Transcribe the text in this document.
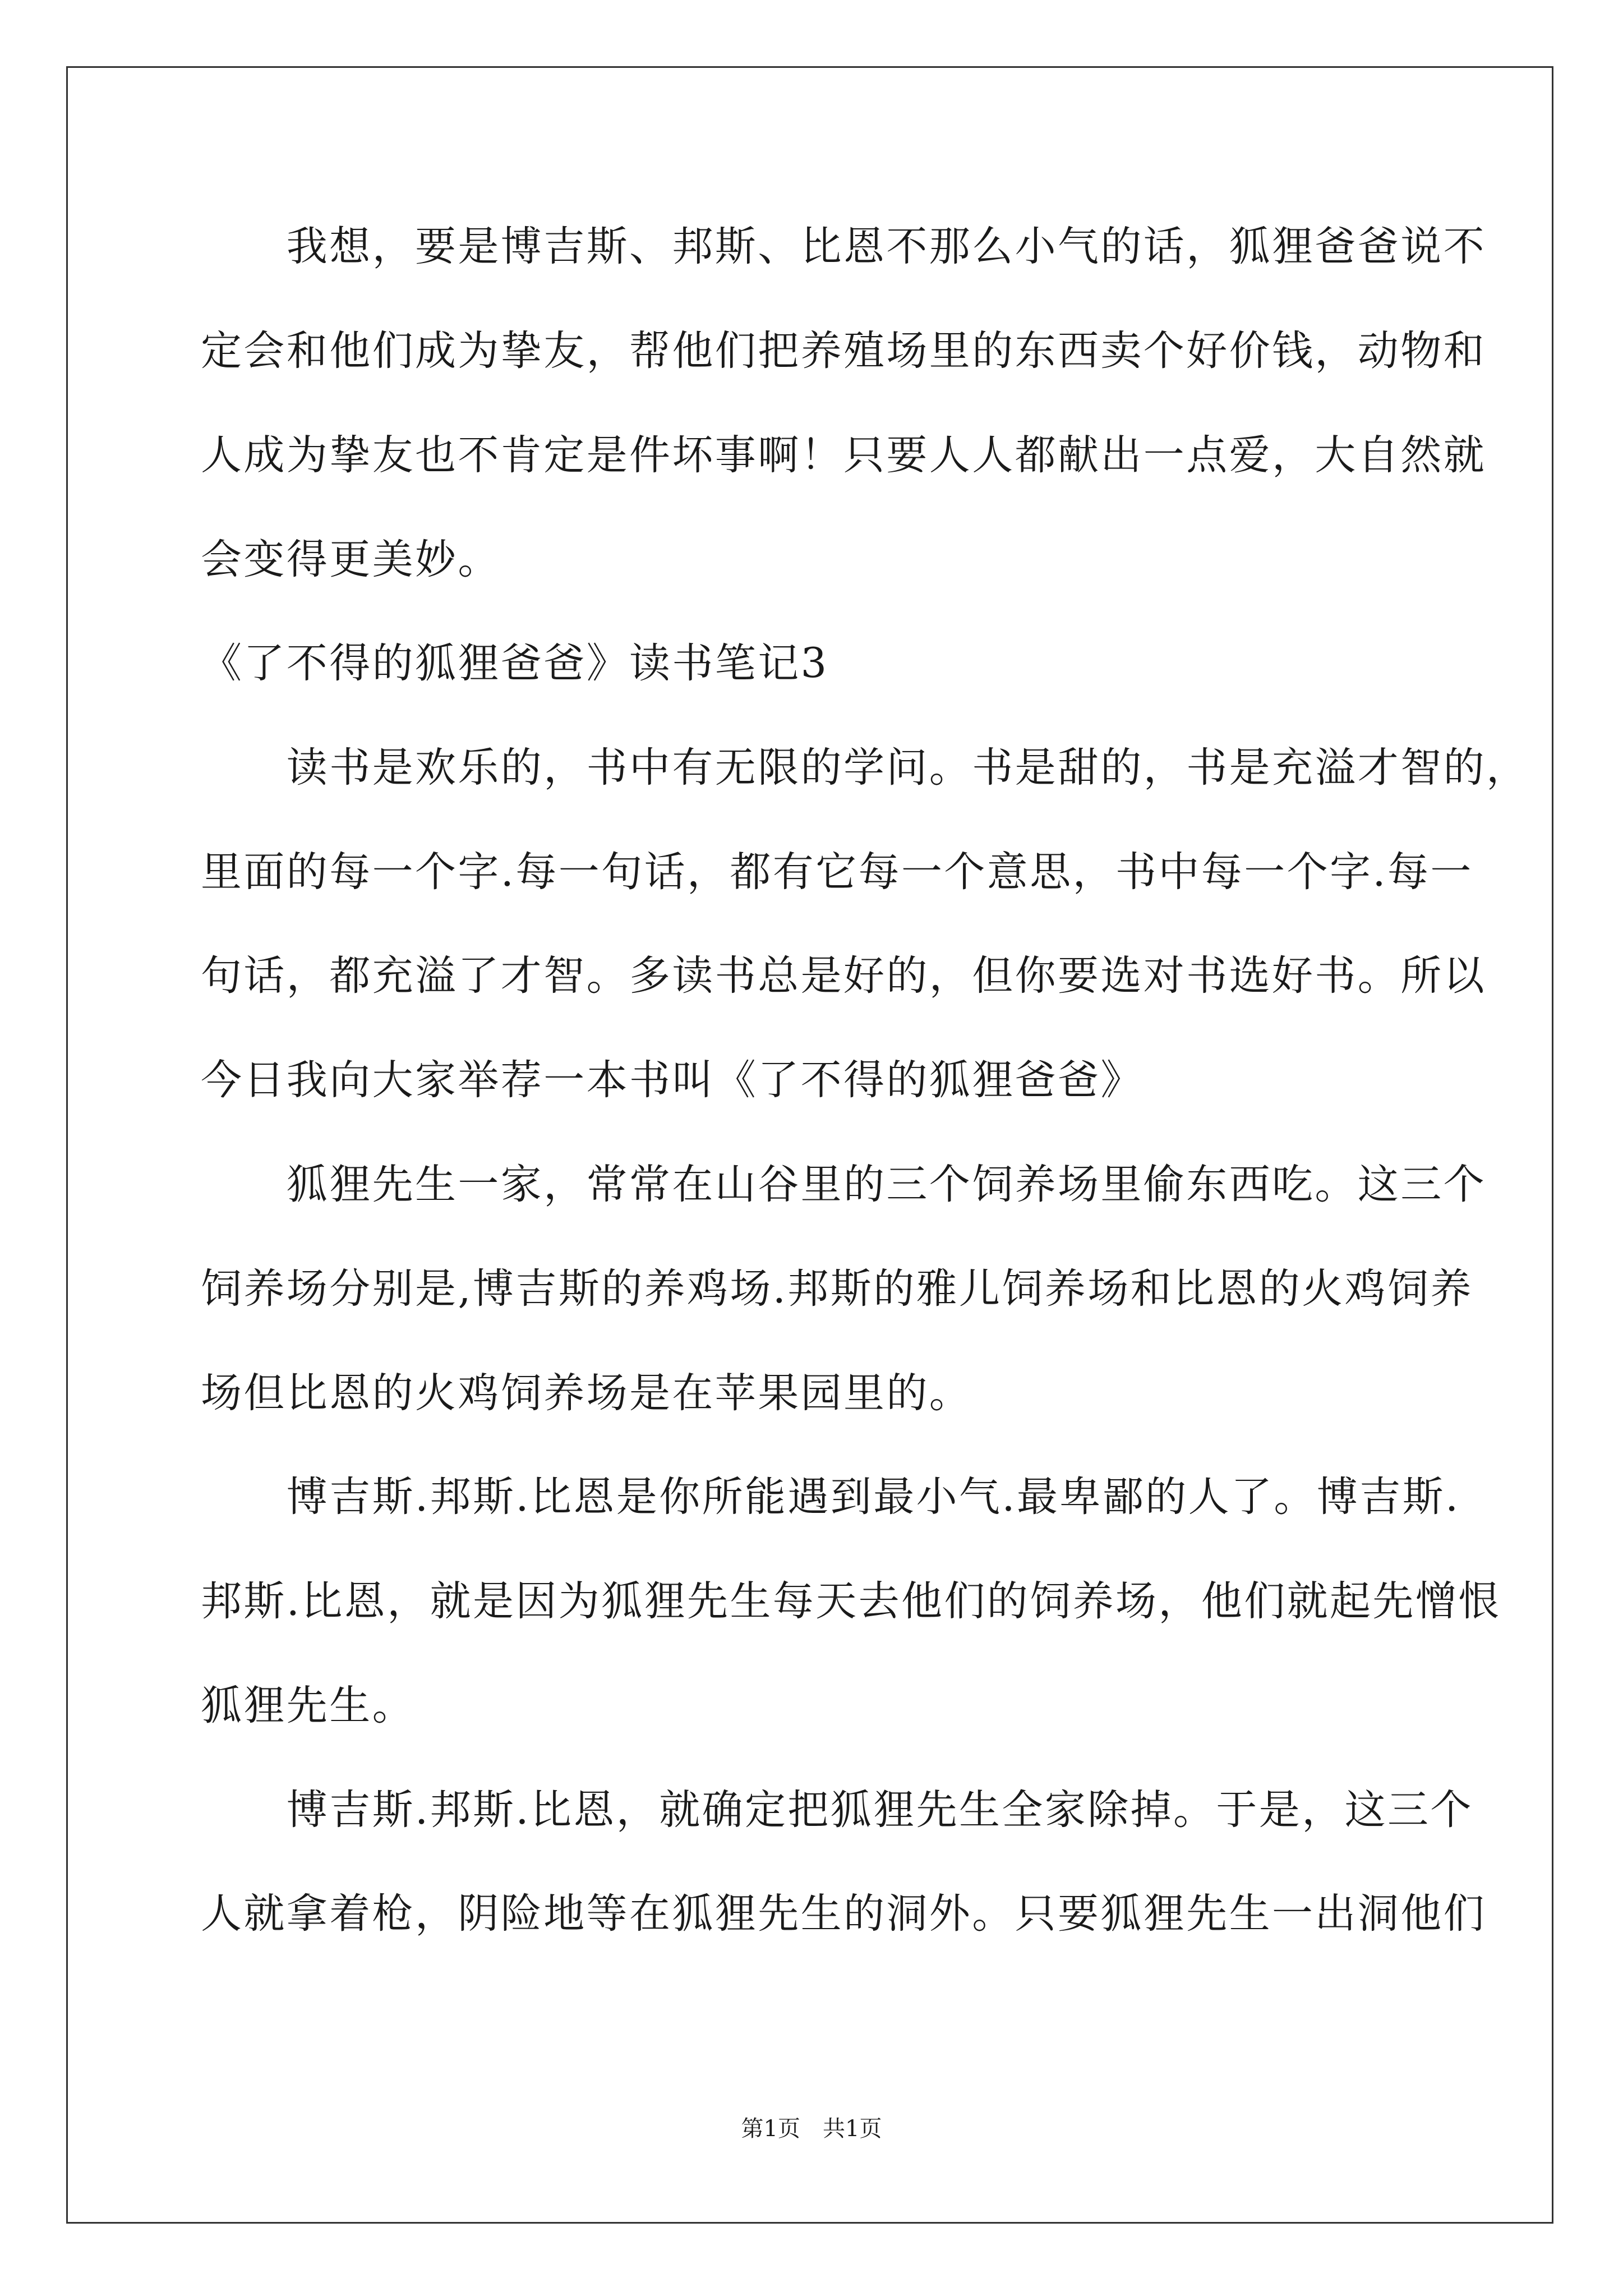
　　我想，要是博吉斯、邦斯、比恩不那么小气的话，狐狸爸爸说不
定会和他们成为挚友，帮他们把养殖场里的东西卖个好价钱，动物和
人成为挚友也不肯定是件坏事啊！只要人人都献出一点爱，大自然就
会变得更美妙。
《了不得的狐狸爸爸》读书笔记3
　　读书是欢乐的，书中有无限的学问。书是甜的，书是充溢才智的，
里面的每一个字.每一句话，都有它每一个意思，书中每一个字.每一
句话，都充溢了才智。多读书总是好的，但你要选对书选好书。所以
今日我向大家举荐一本书叫《了不得的狐狸爸爸》
　　狐狸先生一家，常常在山谷里的三个饲养场里偷东西吃。这三个
饲养场分别是,博吉斯的养鸡场.邦斯的雅儿饲养场和比恩的火鸡饲养
场但比恩的火鸡饲养场是在苹果园里的。
　　博吉斯.邦斯.比恩是你所能遇到最小气.最卑鄙的人了。博吉斯.
邦斯.比恩，就是因为狐狸先生每天去他们的饲养场，他们就起先憎恨
狐狸先生。
　　博吉斯.邦斯.比恩，就确定把狐狸先生全家除掉。于是，这三个
人就拿着枪，阴险地等在狐狸先生的洞外。只要狐狸先生一出洞他们
第1页　共1页
